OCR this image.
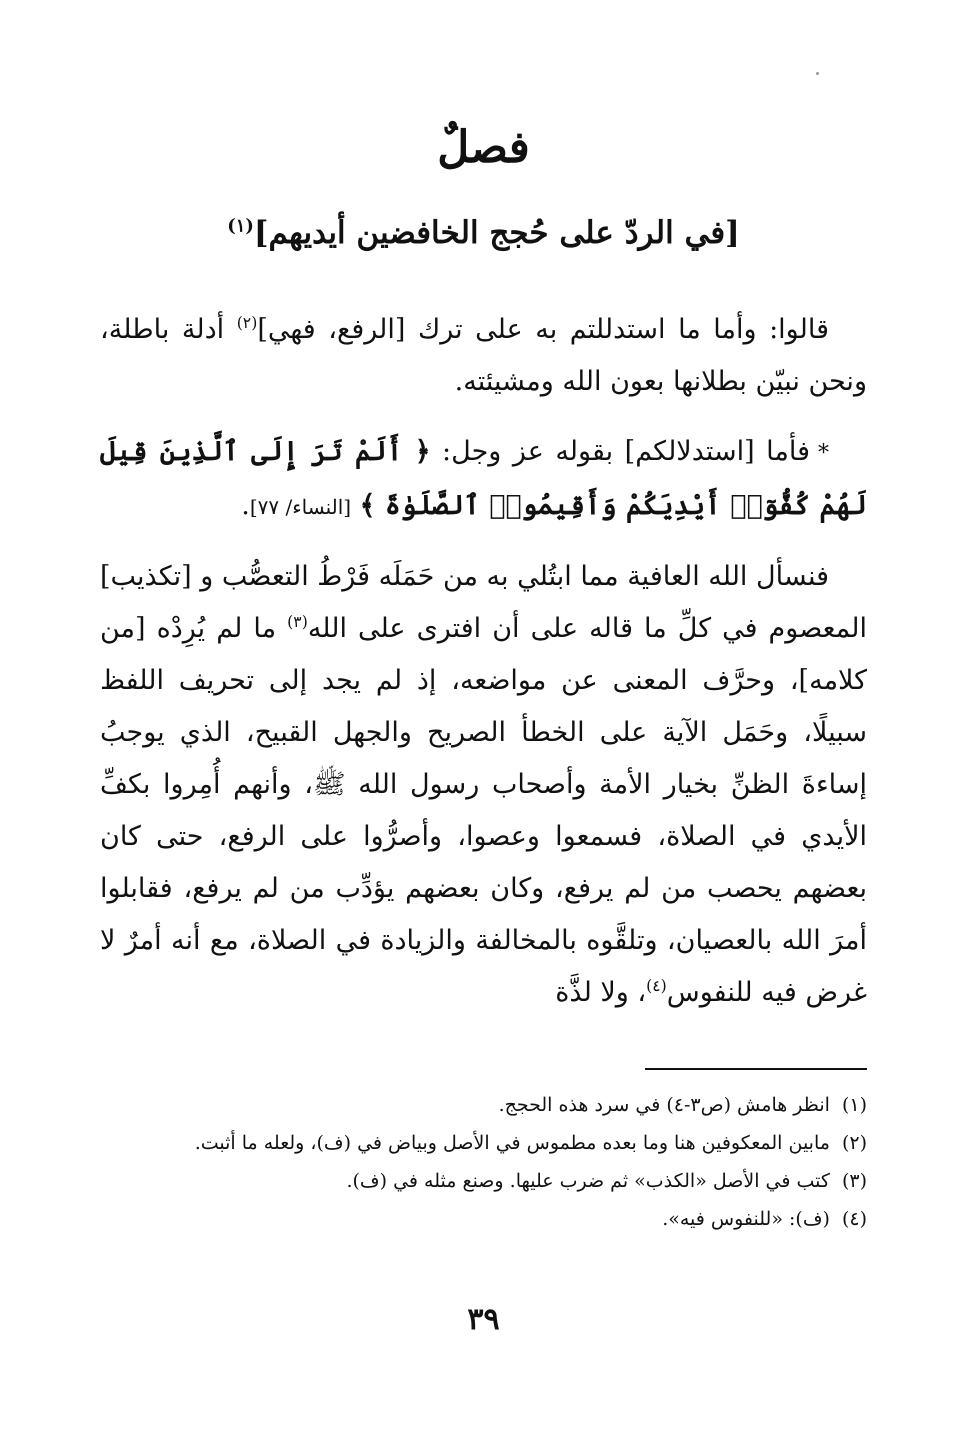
فصلٌ
[في الردّ على حُجج الخافضين أيديهم]$^{(١)}$

قالوا: وأما ما استدللتم به على ترك [الرفع، فهي]$^{(٢)}$ أدلة باطلة، ونحن نبيّن بطلانها بعون الله ومشيئته.

*فأما [استدلالكم] بقوله عز وجل: ﴿ أَلَمْ تَرَ إِلَى ٱلَّذِينَ قِيلَ لَهُمْ كُفُّوٓا۟ أَيْدِيَكُمْ وَأَقِيمُوا۟ ٱلصَّلَوٰةَ ﴾ [النساء/ ٧٧].

فنسأل الله العافية مما ابتُلي به من حَمَلَه فَرْطُ التعصُّب و [تكذيب] المعصوم في كلِّ ما قاله على أن افترى على الله$^{(٣)}$ ما لم يُرِدْه [من كلامه]، وحرَّف المعنى عن مواضعه، إذ لم يجد إلى تحريف اللفظ سبيلًا، وحَمَل الآية على الخطأ الصريح والجهل القبيح، الذي يوجبُ إساءةَ الظنِّ بخيار الأمة وأصحاب رسول الله ﷺ، وأنهم أُمِروا بكفِّ الأيدي في الصلاة، فسمعوا وعصوا، وأصرُّوا على الرفع، حتى كان بعضهم يحصب من لم يرفع، وكان بعضهم يؤدِّب من لم يرفع، فقابلوا أمرَ الله بالعصيان، وتلقَّوه بالمخالفة والزيادة في الصلاة، مع أنه أمرٌ لا غرض فيه للنفوس$^{(٤)}$، ولا لذَّة

(١)انظر هامش (ص٣-٤) في سرد هذه الحجج.
(٢)مابين المعكوفين هنا وما بعده مطموس في الأصل وبياض في (ف)، ولعله ما أثبت.
(٣)كتب في الأصل «الكذب» ثم ضرب عليها. وصنع مثله في (ف).
(٤)(ف): «للنفوس فيه».
٣٩
